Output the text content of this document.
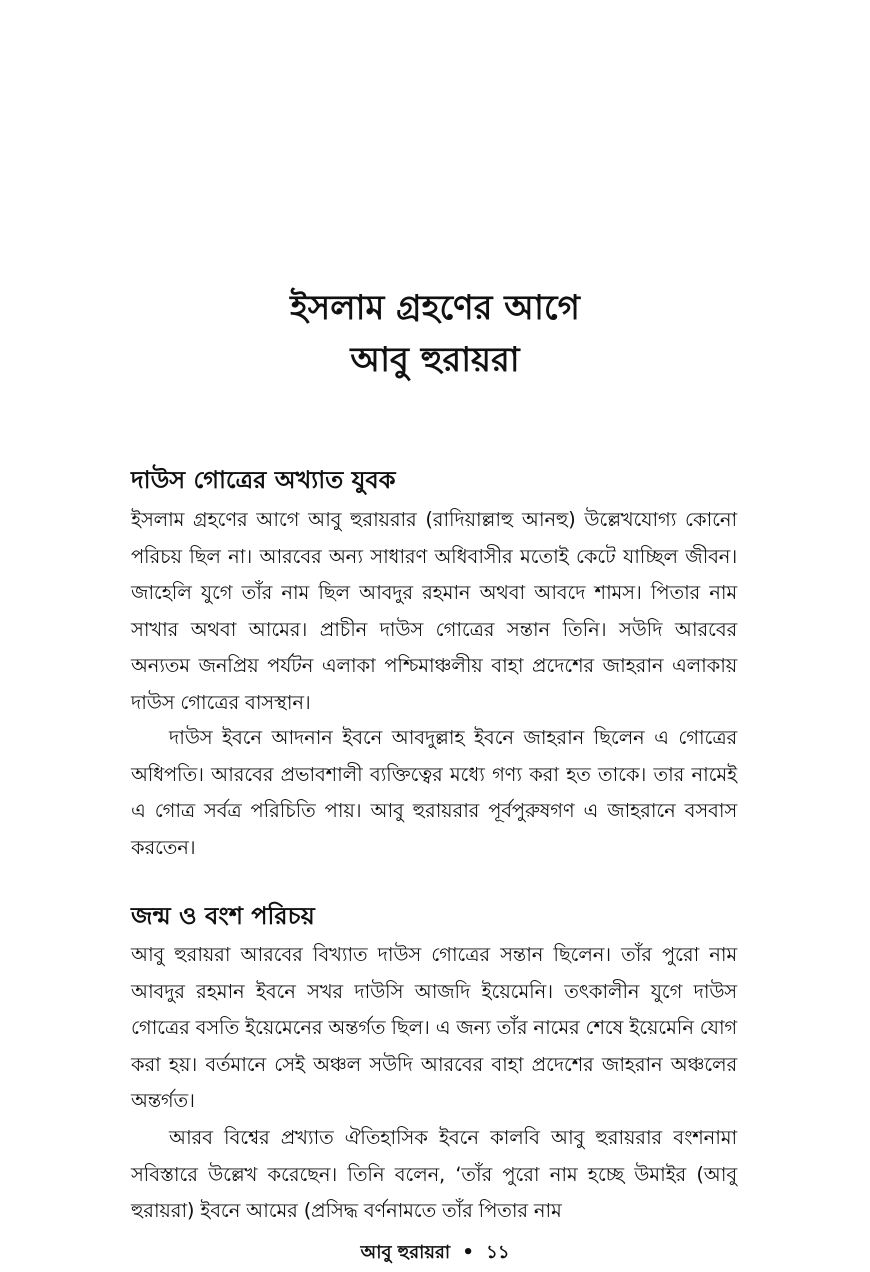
ইসলাম গ্রহণের আগে
আবু হুরায়রা
দাউস গোত্রের অখ্যাত যুবক

ইসলাম গ্রহণের আগে আবু হুরায়রার (রাদিয়াল্লাহু আনহু) উল্লেখযোগ্য কোনো পরিচয় ছিল না। আরবের অন্য সাধারণ অধিবাসীর মতোই কেটে যাচ্ছিল জীবন। জাহেলি যুগে তাঁর নাম ছিল আবদুর রহমান অথবা আবদে শামস। পিতার নাম সাখার অথবা আমের। প্রাচীন দাউস গোত্রের সন্তান তিনি। সউদি আরবের অন্যতম জনপ্রিয় পর্যটন এলাকা পশ্চিমাঞ্চলীয় বাহা প্রদেশের জাহরান এলাকায় দাউস গোত্রের বাসস্থান।

দাউস ইবনে আদনান ইবনে আবদুল্লাহ ইবনে জাহরান ছিলেন এ গোত্রের অধিপতি। আরবের প্রভাবশালী ব্যক্তিত্বের মধ্যে গণ্য করা হত তাকে। তার নামেই এ গোত্র সর্বত্র পরিচিতি পায়। আবু হুরায়রার পূর্বপুরুষগণ এ জাহরানে বসবাস করতেন।

জন্ম ও বংশ পরিচয়

আবু হুরায়রা আরবের বিখ্যাত দাউস গোত্রের সন্তান ছিলেন। তাঁর পুরো নাম আবদুর রহমান ইবনে সখর দাউসি আজদি ইয়েমেনি। তৎকালীন যুগে দাউস গোত্রের বসতি ইয়েমেনের অন্তর্গত ছিল। এ জন্য তাঁর নামের শেষে ইয়েমেনি যোগ করা হয়। বর্তমানে সেই অঞ্চল সউদি আরবের বাহা প্রদেশের জাহরান অঞ্চলের অন্তর্গত।

আরব বিশ্বের প্রখ্যাত ঐতিহাসিক ইবনে কালবি আবু হুরায়রার বংশনামা সবিস্তারে উল্লেখ করেছেন। তিনি বলেন, ‘তাঁর পুরো নাম হচ্ছে উমাইর (আবু হুরায়রা) ইবনে আমের (প্রসিদ্ধ বর্ণনামতে তাঁর পিতার নাম

আবু হুরায়রা • ১১
